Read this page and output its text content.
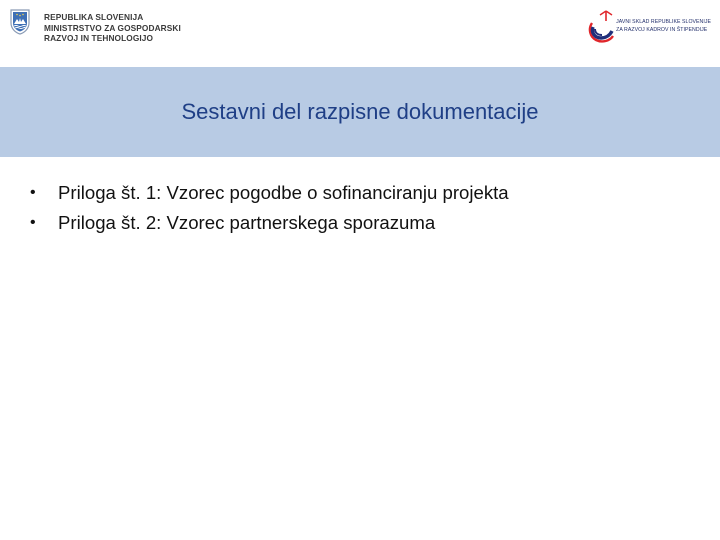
REPUBLIKA SLOVENIJA
MINISTRSTVO ZA GOSPODARSKI
RAZVOJ IN TEHNOLOGIJO
JAVNI SKLAD REPUBLIKE SLOVENIJE
ZA RAZVOJ KADROV IN ŠTIPENDIJE
Sestavni del razpisne dokumentacije
•	Priloga št. 1: Vzorec pogodbe o sofinanciranju projekta
•	Priloga št. 2: Vzorec partnerskega sporazuma
